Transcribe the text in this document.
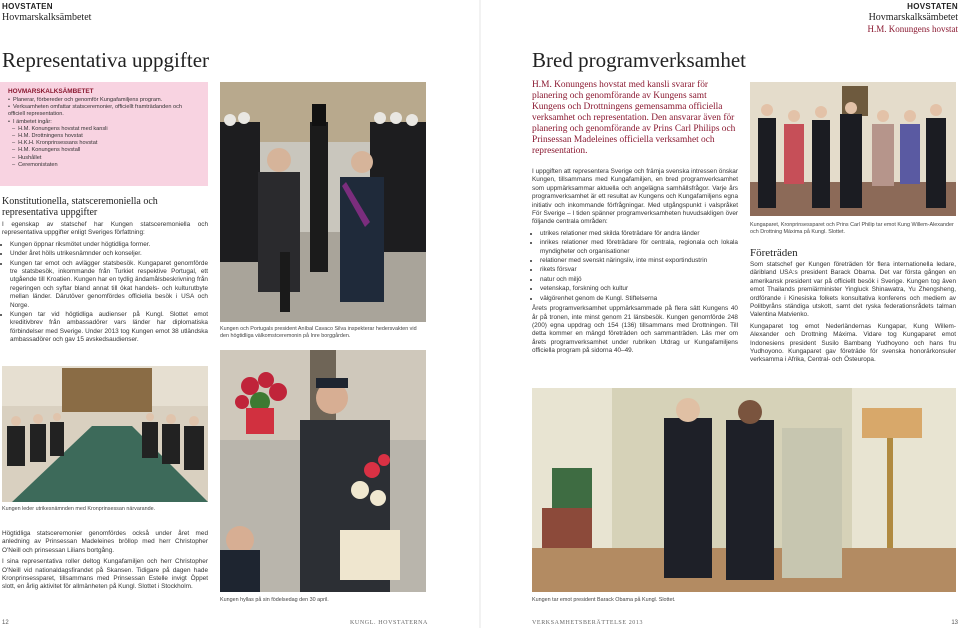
HOVSTATEN
Hovmarskalksämbetet
Representativa uppgifter
HOVMARSKALKSÄMBETET
• Planerar, förbereder och genomför Kungafamiljens program.
• Verksamheten omfattar statsceremonier, officiellt framträdanden och officiell representation.
• I ämbetet ingår:
– H.M. Konungens hovstat med kansli
– H.M. Drottningens hovstat
– H.K.H. Kronprinsessans hovstat
– H.M. Konungens hovstall
– Hushållet
– Ceremonistaten
Konstitutionella, statsceremoniella och representativa uppgifter

I egenskap av statschef har Kungen statsceremoniella och representativa uppgifter enligt Sveriges författning:

• Kungen öppnar riksmötet under högtidliga former.
• Under året hölls utrikesnämnder och konseljer.
• Kungen tar emot och avlägger statsbesök. Kungaparet genomförde tre statsbesök, inkommande från Turkiet respektive Portugal, ett utgående till Kroatien. Kungen har en tydlig ändamålsbeskrivning från regeringen och syftar bland annat till ökat handels- och kulturutbyte mellan länder. Därutöver genomfördes officiella besök i USA och Norge.
• Kungen tar vid högtidliga audienser på Kungl. Slottet emot kreditivbrev från ambassadörer vars länder har diplomatiska förbindelser med Sverige. Under 2013 tog Kungen emot 38 utländska ambassadörer och gav 15 avskedsaudienser.
Kungen och Portugals president Aníbal Cavaco Silva inspekterar hedersvakten vid den högtidliga välkomstceremonin på Inre borggården.
Kungen leder utrikesnämnden med Kronprinsessan närvarande.
Kungen hyllas på sin födelsedag den 30 april.

Högtidliga statsceremonier genomfördes också under året med anledning av Prinsessan Madeleines bröllop med herr Christopher O'Neill och prinsessan Lilians bortgång.

I sina representativa roller deltog Kungafamiljen och herr Christopher O'Neill vid nationaldagsfirandet på Skansen. Tidigare på dagen hade Kronprinsessparet, tillsammans med Prinsessan Estelle invigt Öppet slott, en årlig aktivitet för allmänheten på Kungl. Slottet i Stockholm.

12	KUNGL. HOVSTATERNA
HOVSTATEN
Hovmarskalksämbetet
H.M. Konungens hovstat
Bred programverksamhet
H.M. Konungens hovstat med kansli svarar för planering och genomförande av Kungens samt Kungens och Drottningens gemensamma officiella verksamhet och representation. Den ansvarar även för planering och genomförande av Prins Carl Philips och Prinsessan Madeleines officiella verksamhet och representation.

I uppgiften att representera Sverige och främja svenska intressen önskar Kungen, tillsammans med Kungafamiljen, en bred programverksamhet som uppmärksammar aktuella och angelägna samhällsfrågor. Varje års programverksamhet är ett resultat av Kungens och Kungafamiljens egna initiativ och inkommande förfrågningar. Med utgångspunkt i valspråket För Sverige – I tiden spänner programverksamheten huvudsakligen över följande centrala områden:

• utrikes relationer med skilda företrädare för andra länder
• inrikes relationer med företrädare för centrala, regionala och lokala myndigheter och organisationer
• relationer med svenskt näringsliv, inte minst exportindustrin
• rikets försvar
• natur och miljö
• vetenskap, forskning och kultur
• välgörenhet genom de Kungl. Stiftelserna

Årets programverksamhet uppmärksammade på flera sätt Kungens 40 år på tronen, inte minst genom 21 länsbesök. Kungen genomförde 248 (200) egna uppdrag och 154 (136) tillsammans med Drottningen. Till detta kommer en mängd företräden och sammanträden. Läs mer om årets programverksamhet under rubriken Utdrag ur Kungafamiljens officiella program på sidorna 40–49.

Kungaparet, Kronprinsessparet och Prins Carl Philip tar emot Kung Willem-Alexander och Drottning Máxima på Kungl. Slottet.
Företräden

Som statschef ger Kungen företräden för flera internationella ledare, däribland USA:s president Barack Obama. Det var första gången en amerikansk president var på officiellt besök i Sverige. Kungen tog även emot Thailands premiärminister Yingluck Shinawatra, Yu Zhengsheng, ordförande i Kinesiska folkets konsultativa konferens och mediem av Politbyråns ständiga utskott, samt det ryska federationsrådets talman Valentina Matvienko.

Kungaparet tog emot Nederländernas Kungapar, Kung Willem-Alexander och Drottning Máxima. Vidare tog Kungaparet emot Indonesiens president Susilo Bambang Yudhoyono och hans fru Yudhoyono. Kungaparet gav företräde för svenska honorärkonsuler verksamma i Afrika, Central- och Östeuropa.

Kungen tar emot president Barack Obama på Kungl. Slottet.
VERKSAMHETSBERÄTTELSE 2013	13
